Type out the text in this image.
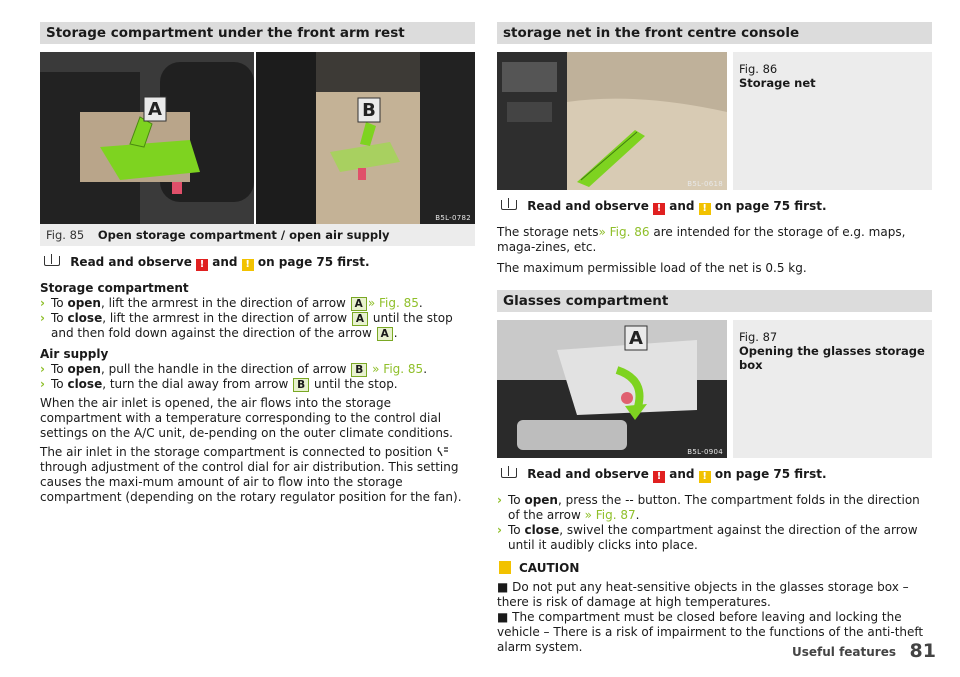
Storage compartment under the front arm rest
A	B
B5L-0782
Fig. 85 Open storage compartment / open air supply

Read and observe ! and ! on page 75 first.

Storage compartment

› To open, lift the armrest in the direction of arrow A » Fig. 85.

› To close, lift the armrest in the direction of arrow A until the stop and then fold down against the direction of the arrow A .

Air supply

› To open, pull the handle in the direction of arrow B » Fig. 85.

› To close, turn the dial away from arrow B until the stop.

When the air inlet is opened, the air flows into the storage compartment with a temperature corresponding to the control dial settings on the A/C unit, de-pending on the outer climate conditions.

The air inlet in the storage compartment is connected to position  through adjustment of the control dial for air distribution. This setting causes the maxi-mum amount of air to flow into the storage compartment (depending on the rotary regulator position for the fan).

storage net in the front centre console
B5L-0618
Fig. 86
Storage net

Read and observe ! and ! on page 75 first.

The storage nets» Fig. 86 are intended for the storage of e.g. maps, maga-zines, etc.

The maximum permissible load of the net is 0.5 kg.

Glasses compartment
A
B5L-0904
Fig. 87
Opening the glasses storage box

Read and observe ! and ! on page 75 first.

› To open, press the -- button. The compartment folds in the direction of the arrow » Fig. 87.

› To close, swivel the compartment against the direction of the arrow until it audibly clicks into place.

CAUTION

■ Do not put any heat-sensitive objects in the glasses storage box – there is risk of damage at high temperatures.

■ The compartment must be closed before leaving and locking the vehicle – There is a risk of impairment to the functions of the anti-theft alarm system.	Useful features 81
